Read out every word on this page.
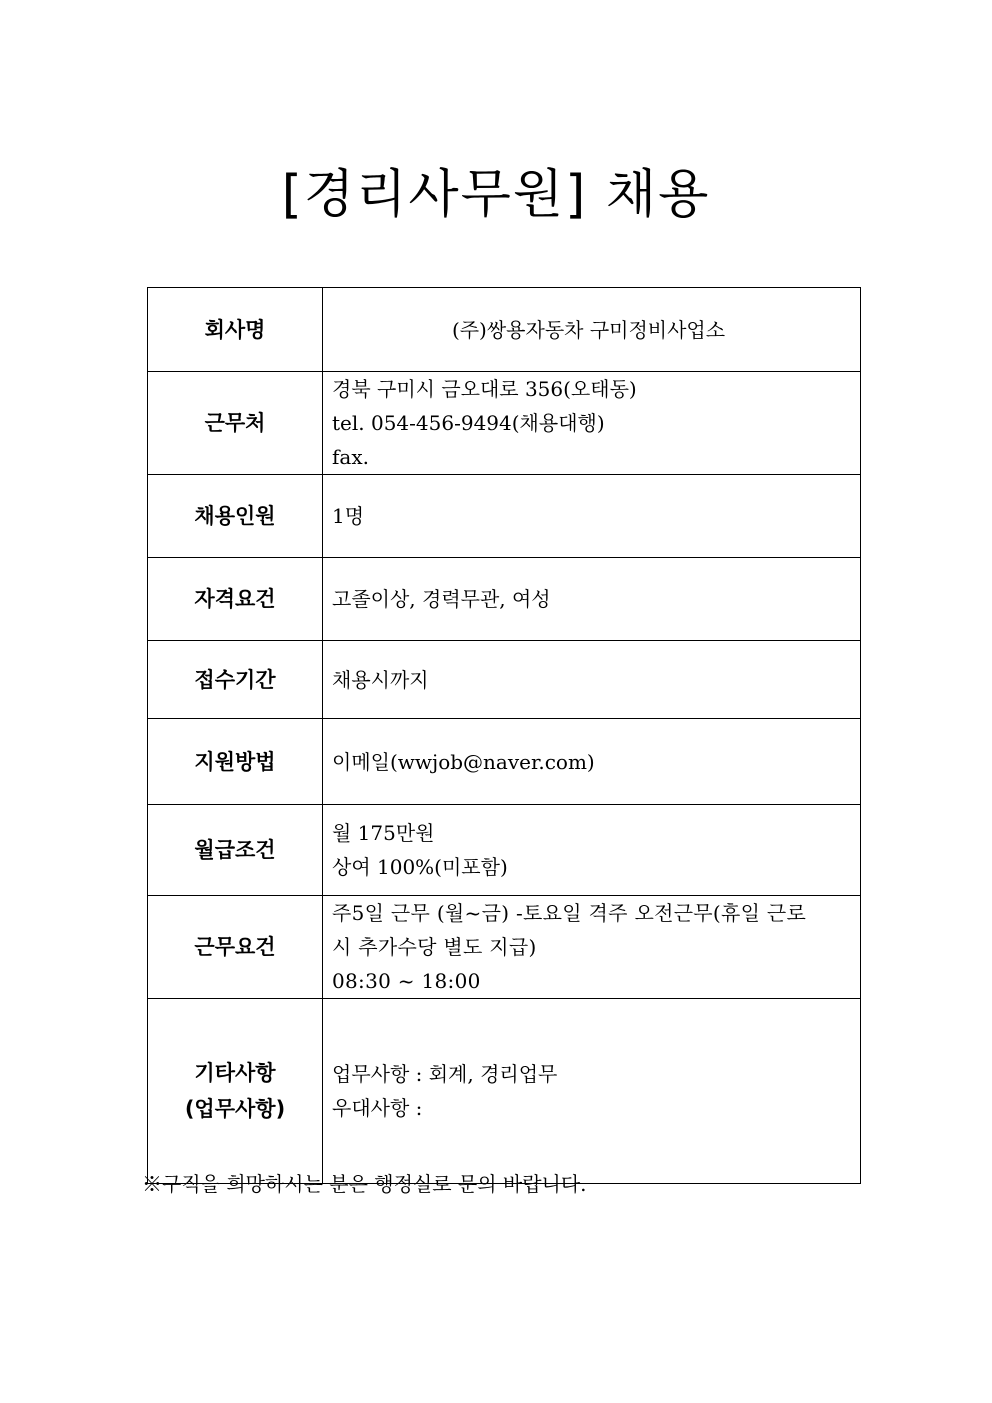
[경리사무원] 채용
회사명	(주)쌍용자동차 구미정비사업소

근무처	경북 구미시 금오대로 356(오태동)
tel. 054-456-9494(채용대행)
fax.

채용인원	1명

자격요건	고졸이상, 경력무관, 여성

접수기간	채용시까지

지원방법	이메일(wwjob@naver.com)

월급조건	월 175만원
상여 100%(미포함)

근무요건	주5일 근무 (월~금) -토요일 격주 오전근무(휴일 근로
시 추가수당 별도 지급)
08:30 ~ 18:00

기타사항
(업무사항)	업무사항 : 회계, 경리업무
우대사항 :
※구직을 희망하시는 분은 행정실로 문의 바랍니다.
